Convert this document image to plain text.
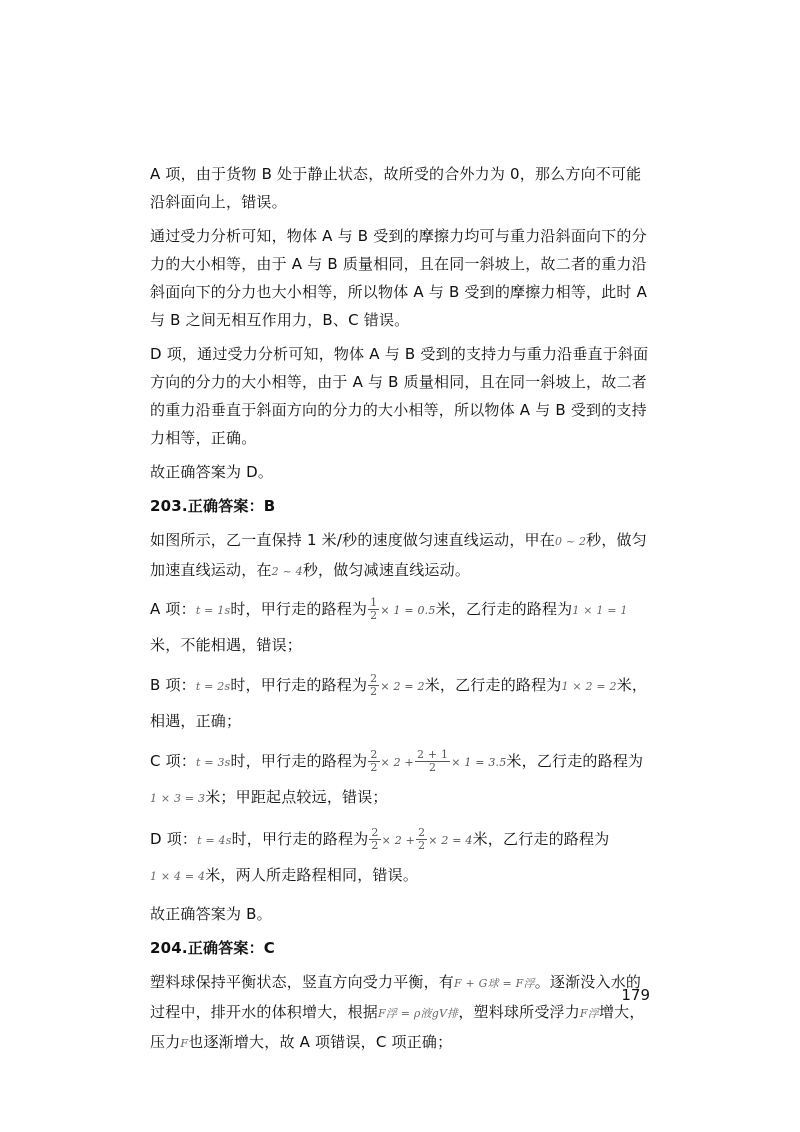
A 项，由于货物 B 处于静止状态，故所受的合外力为 0，那么方向不可能沿斜面向上，错误。

通过受力分析可知，物体 A 与 B 受到的摩擦力均可与重力沿斜面向下的分力的大小相等，由于 A 与 B 质量相同，且在同一斜坡上，故二者的重力沿斜面向下的分力也大小相等，所以物体 A 与 B 受到的摩擦力相等，此时 A 与 B 之间无相互作用力，B、C 错误。

D 项，通过受力分析可知，物体 A 与 B 受到的支持力与重力沿垂直于斜面方向的分力的大小相等，由于 A 与 B 质量相同，且在同一斜坡上，故二者的重力沿垂直于斜面方向的分力的大小相等，所以物体 A 与 B 受到的支持力相等，正确。

故正确答案为 D。

203.正确答案：B

如图所示，乙一直保持 1 米/秒的速度做匀速直线运动，甲在0 ~ 2秒，做匀加速直线运动，在2 ~ 4秒，做匀减速直线运动。

A 项：t = 1s时，甲行走的路程为 $\frac{1}{2} \times 1 = 0.5$米，乙行走的路程为1 × 1 = 1米，不能相遇，错误；

B 项：t = 2s时，甲行走的路程为 $\frac{2}{2} \times 2 = 2$米，乙行走的路程为1 × 2 = 2米，相遇，正确；

C 项：t = 3s时，甲行走的路程为 $\frac{2}{2} \times 2 + \frac{2 + 1}{2} \times 1 = 3.5$米，乙行走的路程为1 × 3 = 3米；甲距起点较远，错误；

D 项：t = 4s时，甲行走的路程为 $\frac{2}{2} \times 2 + \frac{2}{2} \times 2 = 4$米，乙行走的路程为1 × 4 = 4米，两人所走路程相同，错误。

故正确答案为 B。

204.正确答案：C

塑料球保持平衡状态，竖直方向受力平衡，有F + G球 = F浮。逐渐没入水的过程中，排开水的体积增大，根据F浮 = ρ液gV排，塑料球所受浮力F浮增大，压力F也逐渐增大，故 A 项错误，C 项正确；

179
